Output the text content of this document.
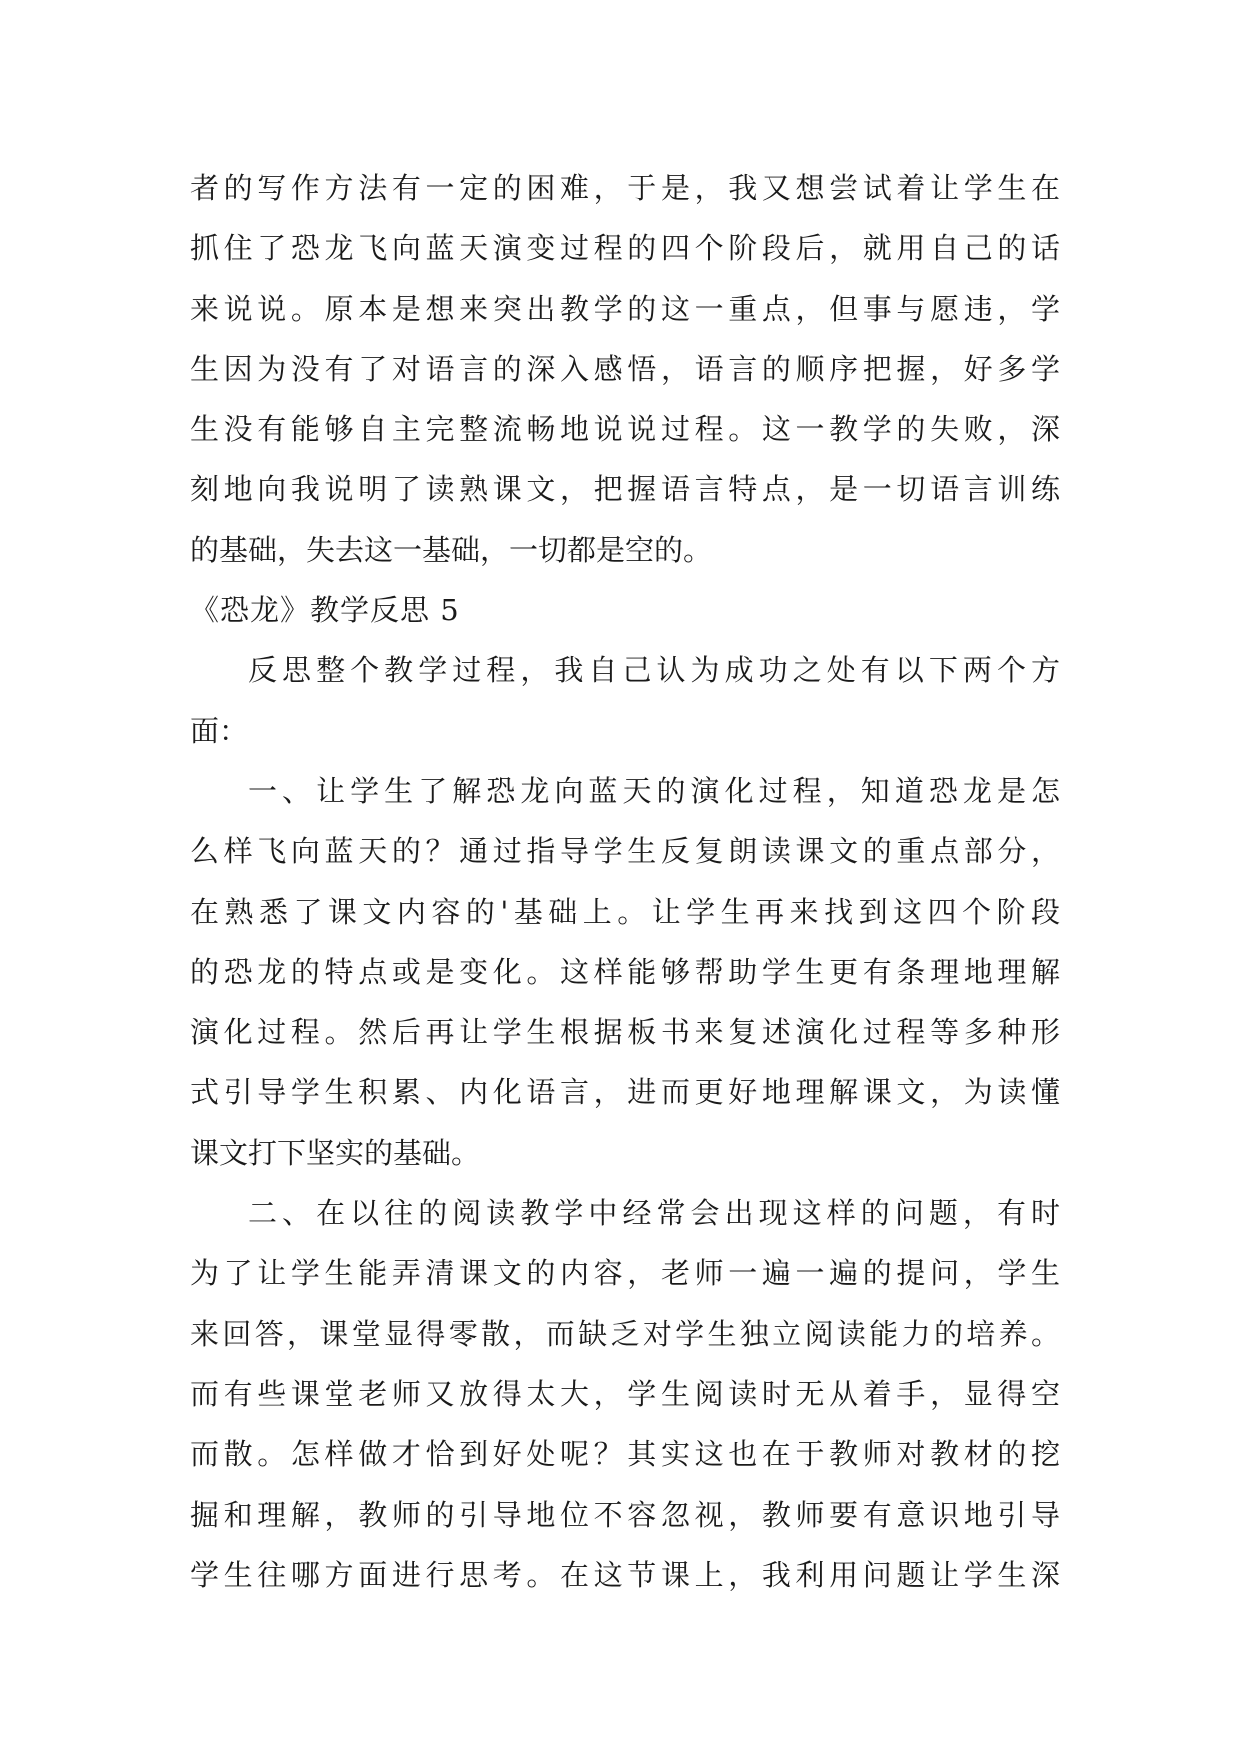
者的写作方法有一定的困难，于是，我又想尝试着让学生在
抓住了恐龙飞向蓝天演变过程的四个阶段后，就用自己的话
来说说。原本是想来突出教学的这一重点，但事与愿违，学
生因为没有了对语言的深入感悟，语言的顺序把握，好多学
生没有能够自主完整流畅地说说过程。这一教学的失败，深
刻地向我说明了读熟课文，把握语言特点，是一切语言训练
的基础，失去这一基础，一切都是空的。
《恐龙》教学反思 5
反思整个教学过程，我自己认为成功之处有以下两个方
面：
一、让学生了解恐龙向蓝天的演化过程，知道恐龙是怎
么样飞向蓝天的？通过指导学生反复朗读课文的重点部分，
在熟悉了课文内容的'基础上。让学生再来找到这四个阶段
的恐龙的特点或是变化。这样能够帮助学生更有条理地理解
演化过程。然后再让学生根据板书来复述演化过程等多种形
式引导学生积累、内化语言，进而更好地理解课文，为读懂
课文打下坚实的基础。
二、在以往的阅读教学中经常会出现这样的问题，有时
为了让学生能弄清课文的内容，老师一遍一遍的提问，学生
来回答，课堂显得零散，而缺乏对学生独立阅读能力的培养。
而有些课堂老师又放得太大，学生阅读时无从着手，显得空
而散。怎样做才恰到好处呢？其实这也在于教师对教材的挖
掘和理解，教师的引导地位不容忽视，教师要有意识地引导
学生往哪方面进行思考。在这节课上，我利用问题让学生深
